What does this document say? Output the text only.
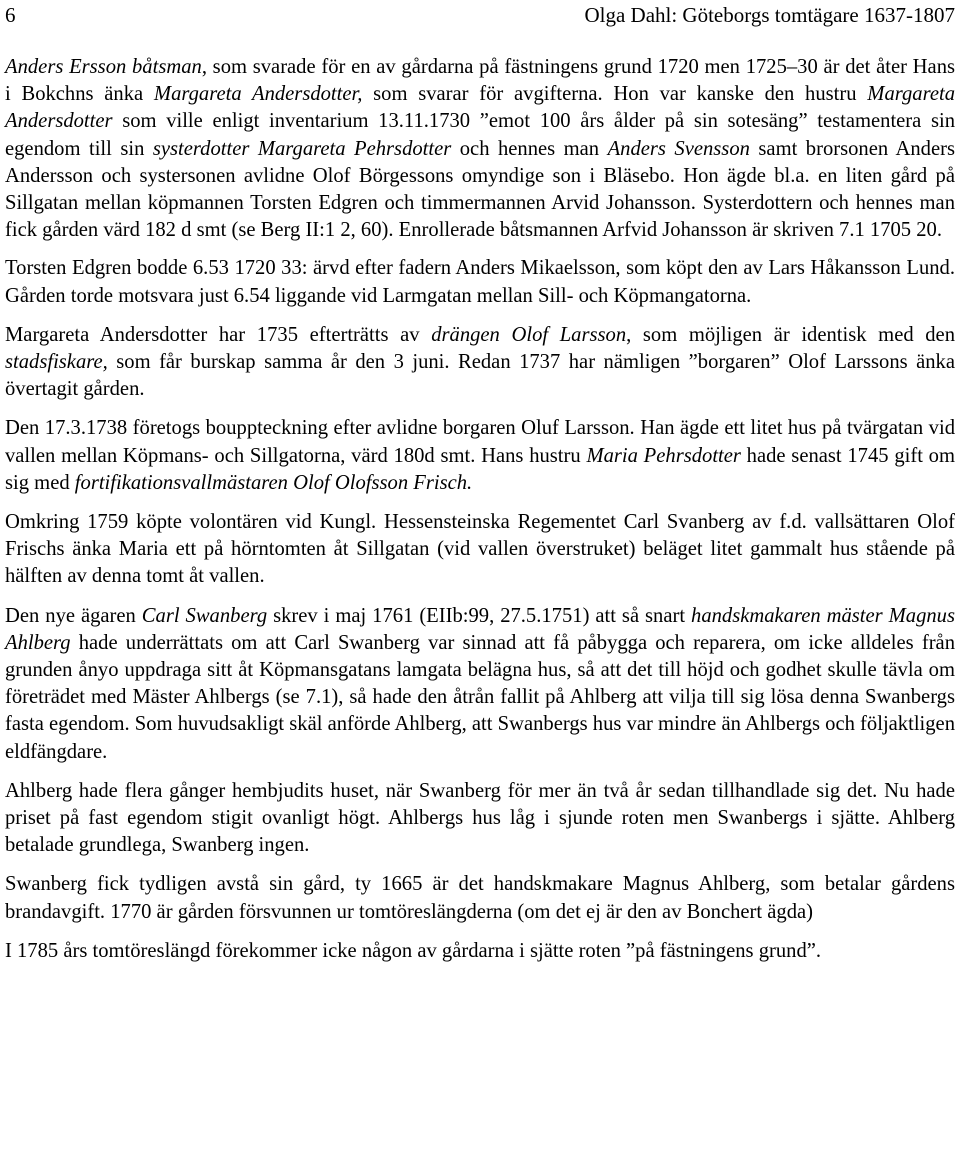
6	Olga Dahl: Göteborgs tomtägare 1637-1807

Anders Ersson båtsman, som svarade för en av gårdarna på fästningens grund 1720 men 1725–30 är det åter Hans i Bokchns änka Margareta Andersdotter, som svarar för avgifterna. Hon var kanske den hustru Margareta Andersdotter som ville enligt inventarium 13.11.1730 ”emot 100 års ålder på sin sotesäng” testamentera sin egendom till sin systerdotter Margareta Pehrsdotter och hennes man Anders Svensson samt brorsonen Anders Andersson och systersonen avlidne Olof Börgessons omyndige son i Bläsebo. Hon ägde bl.a. en liten gård på Sillgatan mellan köpmannen Torsten Edgren och timmermannen Arvid Johansson. Systerdottern och hennes man fick gården värd 182 d smt (se Berg II:1 2, 60). Enrollerade båtsmannen Arfvid Johansson är skriven 7.1 1705 20.

Torsten Edgren bodde 6.53 1720 33: ärvd efter fadern Anders Mikaelsson, som köpt den av Lars Håkansson Lund. Gården torde motsvara just 6.54 liggande vid Larmgatan mellan Sill- och Köpmangatorna.

Margareta Andersdotter har 1735 efterträtts av drängen Olof Larsson, som möjligen är identisk med den stadsfiskare, som får burskap samma år den 3 juni. Redan 1737 har nämligen ”borgaren” Olof Larssons änka övertagit gården.

Den 17.3.1738 företogs bouppteckning efter avlidne borgaren Oluf Larsson. Han ägde ett litet hus på tvärgatan vid vallen mellan Köpmans- och Sillgatorna, värd 180d smt. Hans hustru Maria Pehrsdotter hade senast 1745 gift om sig med fortifikationsvallmästaren Olof Olofsson Frisch.

Omkring 1759 köpte volontären vid Kungl. Hessensteinska Regementet Carl Svanberg av f.d. vallsättaren Olof Frischs änka Maria ett på hörntomten åt Sillgatan (vid vallen överstruket) beläget litet gammalt hus stående på hälften av denna tomt åt vallen.

Den nye ägaren Carl Swanberg skrev i maj 1761 (EIIb:99, 27.5.1751) att så snart handskmakaren mäster Magnus Ahlberg hade underrättats om att Carl Swanberg var sinnad att få påbygga och reparera, om icke alldeles från grunden ånyo uppdraga sitt åt Köpmansgatans lamgata belägna hus, så att det till höjd och godhet skulle tävla om företrädet med Mäster Ahlbergs (se 7.1), så hade den åtrån fallit på Ahlberg att vilja till sig lösa denna Swanbergs fasta egendom. Som huvudsakligt skäl anförde Ahlberg, att Swanbergs hus var mindre än Ahlbergs och följaktligen eldfängdare.

Ahlberg hade flera gånger hembjudits huset, när Swanberg för mer än två år sedan tillhandlade sig det. Nu hade priset på fast egendom stigit ovanligt högt. Ahlbergs hus låg i sjunde roten men Swanbergs i sjätte. Ahlberg betalade grundlega, Swanberg ingen.

Swanberg fick tydligen avstå sin gård, ty 1665 är det handskmakare Magnus Ahlberg, som betalar gårdens brandavgift. 1770 är gården försvunnen ur tomtöreslängderna (om det ej är den av Bonchert ägda)

I 1785 års tomtöreslängd förekommer icke någon av gårdarna i sjätte roten ”på fästningens grund”.
